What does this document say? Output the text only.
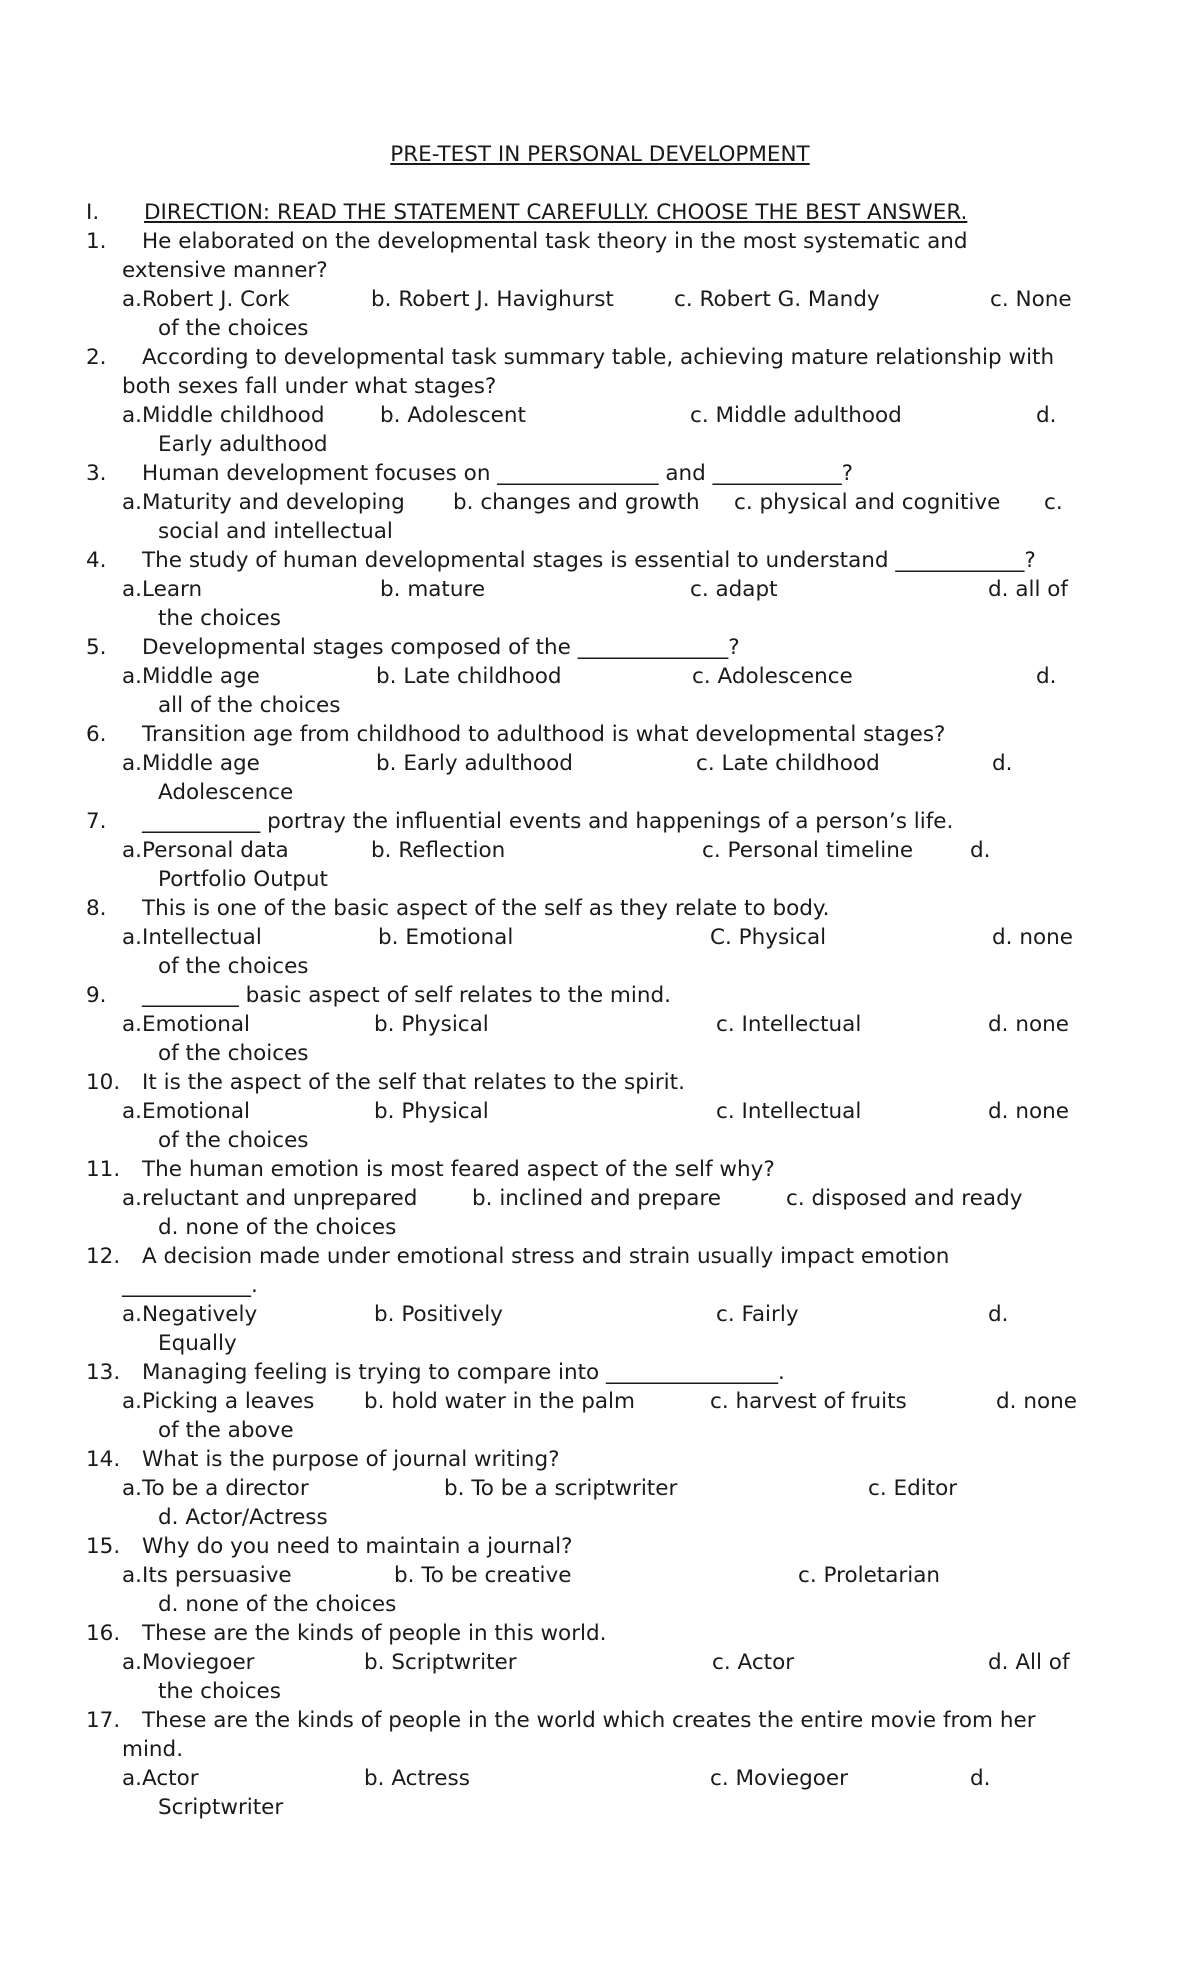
PRE-TEST IN PERSONAL DEVELOPMENT
I. DIRECTION: READ THE STATEMENT CAREFULLY. CHOOSE THE BEST ANSWER.
1. He elaborated on the developmental task theory in the most systematic and
extensive manner?
a.Robert J. Cork	b. Robert J. Havighurst	c. Robert G. Mandy	c. None
of the choices
2. According to developmental task summary table, achieving mature relationship with
both sexes fall under what stages?
a.Middle childhood	b. Adolescent	c. Middle adulthood	d.
Early adulthood
3. Human development focuses on _______________ and ____________?
a.Maturity and developing b. changes and growth c. physical and cognitive c.
social and intellectual
4. The study of human developmental stages is essential to understand ____________?
a.Learn	b. mature	c. adapt	d. all of
the choices
5. Developmental stages composed of the ______________?
a.Middle age	b. Late childhood	c. Adolescence	d.
all of the choices
6. Transition age from childhood to adulthood is what developmental stages?
a.Middle age	b. Early adulthood	c. Late childhood	d.
Adolescence
7. ___________ portray the influential events and happenings of a person’s life.
a.Personal data	b. Reflection	c. Personal timeline	d.
Portfolio Output
8. This is one of the basic aspect of the self as they relate to body.
a.Intellectual	b. Emotional	C. Physical	d. none
of the choices
9. _________ basic aspect of self relates to the mind.
a.Emotional	b. Physical	c. Intellectual	d. none
of the choices
10. It is the aspect of the self that relates to the spirit.
a.Emotional	b. Physical	c. Intellectual	d. none
of the choices
11. The human emotion is most feared aspect of the self why?
a.reluctant and unprepared	b. inclined and prepare	c. disposed and ready
d. none of the choices
12. A decision made under emotional stress and strain usually impact emotion
____________.
a.Negatively	b. Positively	c. Fairly	d.
Equally
13. Managing feeling is trying to compare into ________________.
a.Picking a leaves b. hold water in the palm	c. harvest of fruits	d. none
of the above
14. What is the purpose of journal writing?
a.To be a director	b. To be a scriptwriter	c. Editor
d. Actor/Actress
15. Why do you need to maintain a journal?
a.Its persuasive	b. To be creative	c. Proletarian
d. none of the choices
16. These are the kinds of people in this world.
a.Moviegoer	b. Scriptwriter	c. Actor	d. All of
the choices
17. These are the kinds of people in the world which creates the entire movie from her
mind.
a.Actor	b. Actress	c. Moviegoer	d.
Scriptwriter
